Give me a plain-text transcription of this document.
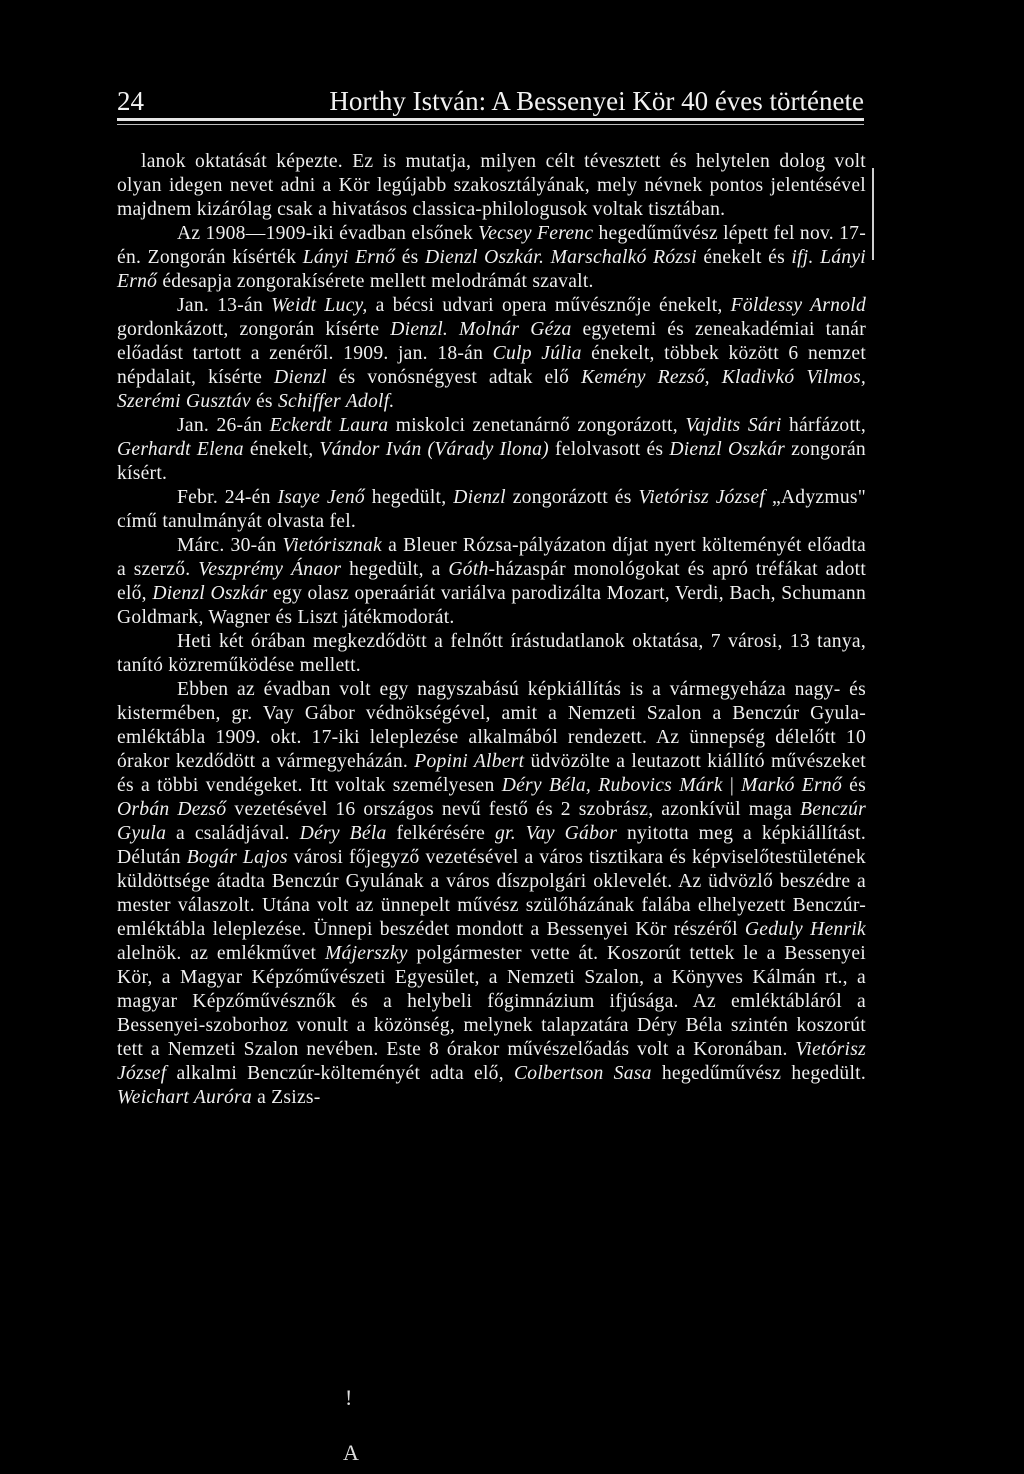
24	Horthy István: A Bessenyei Kör 40 éves története

lanok oktatását képezte. Ez is mutatja, milyen célt tévesztett és helytelen dolog volt olyan idegen nevet adni a Kör legújabb szakosztályának, mely névnek pontos jelentésével majdnem kizárólag csak a hivatásos classica-philologusok voltak tisztában.

Az 1908—1909-iki évadban elsőnek Vecsey Ferenc hegedűművész lépett fel nov. 17-én. Zongorán kísérték Lányi Ernő és Dienzl Oszkár. Marschalkó Rózsi énekelt és ifj. Lányi Ernő édesapja zongorakísérete mellett melodrámát szavalt.

Jan. 13-án Weidt Lucy, a bécsi udvari opera művésznője énekelt, Földessy Arnold gordonkázott, zongorán kísérte Dienzl. Molnár Géza egyetemi és zeneakadémiai tanár előadást tartott a zenéről. 1909. jan. 18-án Culp Júlia énekelt, többek között 6 nemzet népdalait, kísérte Dienzl és vonósnégyest adtak elő Kemény Rezső, Kladivkó Vilmos, Szerémi Gusztáv és Schiffer Adolf.

Jan. 26-án Eckerdt Laura miskolci zenetanárnő zongorázott, Vajdits Sári hárfázott, Gerhardt Elena énekelt, Vándor Iván (Várady Ilona) felolvasott és Dienzl Oszkár zongorán kísért.

Febr. 24-én Isaye Jenő hegedült, Dienzl zongorázott és Vietórisz József „Adyzmus" című tanulmányát olvasta fel.

Márc. 30-án Vietórisznak a Bleuer Rózsa-pályázaton díjat nyert költeményét előadta a szerző. Veszprémy Ánaor hegedült, a Góth-házaspár monológokat és apró tréfákat adott elő, Dienzl Oszkár egy olasz operaáriát variálva parodizálta Mozart, Verdi, Bach, Schumann Goldmark, Wagner és Liszt játékmodorát.

Heti két órában megkezdődött a felnőtt írástudatlanok oktatása, 7 városi, 13 tanya, tanító közreműködése mellett.

Ebben az évadban volt egy nagyszabású képkiállítás is a vármegyeháza nagy- és kistermében, gr. Vay Gábor védnökségével, amit a Nemzeti Szalon a Benczúr Gyula-emléktábla 1909. okt. 17-iki leleplezése alkalmából rendezett. Az ünnepség délelőtt 10 órakor kezdődött a vármegyeházán. Popini Albert üdvözölte a leutazott kiállító művészeket és a többi vendégeket. Itt voltak személyesen Déry Béla, Rubovics Márk | Markó Ernő és Orbán Dezső vezetésével 16 országos nevű festő és 2 szobrász, azonkívül maga Benczúr Gyula a családjával. Déry Béla felkérésére gr. Vay Gábor nyitotta meg a képkiállítást. Délután Bogár Lajos városi főjegyző vezetésével a város tisztikara és képviselőtestületének küldöttsége átadta Benczúr Gyulának a város díszpolgári oklevelét. Az üdvözlő beszédre a mester válaszolt. Utána volt az ünnepelt művész szülőházának falába elhelyezett Benczúr-emléktábla leleplezése. Ünnepi beszédet mondott a Bessenyei Kör részéről Geduly Henrik alelnök. az emlékművet Májerszky polgármester vette át. Koszorút tettek le a Bessenyei Kör, a Magyar Képzőművészeti Egyesület, a Nemzeti Szalon, a Könyves Kálmán rt., a magyar Képzőművésznők és a helybeli főgimnázium ifjúsága. Az emléktábláról a Bessenyei-szoborhoz vonult a közönség, melynek talapzatára Déry Béla szintén koszorút tett a Nemzeti Szalon nevében. Este 8 órakor művészelőadás volt a Koronában. Vietórisz József alkalmi Benczúr-költeményét adta elő, Colbertson Sasa hegedűművész hegedült. Weichart Auróra a Zsizs-

!
A
